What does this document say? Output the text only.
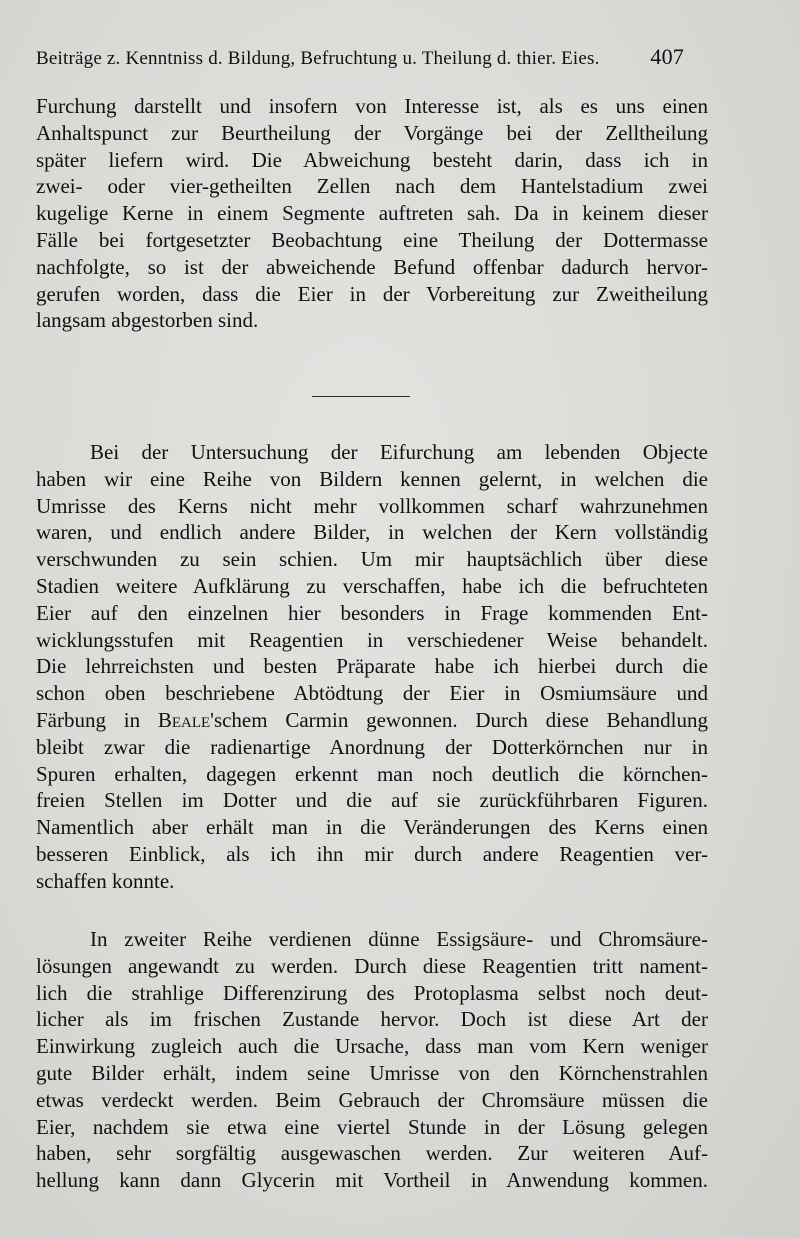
Beiträge z. Kenntniss d. Bildung, Befruchtung u. Theilung d. thier. Eies. 407
Furchung darstellt und insofern von Interesse ist, als es uns einen
Anhaltspunct zur Beurtheilung der Vorgänge bei der Zelltheilung
später liefern wird. Die Abweichung besteht darin, dass ich in
zwei- oder vier-getheilten Zellen nach dem Hantelstadium zwei
kugelige Kerne in einem Segmente auftreten sah. Da in keinem dieser
Fälle bei fortgesetzter Beobachtung eine Theilung der Dottermasse
nachfolgte, so ist der abweichende Befund offenbar dadurch hervor-
gerufen worden, dass die Eier in der Vorbereitung zur Zweitheilung
langsam abgestorben sind.
Bei der Untersuchung der Eifurchung am lebenden Objecte
haben wir eine Reihe von Bildern kennen gelernt, in welchen die
Umrisse des Kerns nicht mehr vollkommen scharf wahrzunehmen
waren, und endlich andere Bilder, in welchen der Kern vollständig
verschwunden zu sein schien. Um mir hauptsächlich über diese
Stadien weitere Aufklärung zu verschaffen, habe ich die befruchteten
Eier auf den einzelnen hier besonders in Frage kommenden Ent-
wicklungsstufen mit Reagentien in verschiedener Weise behandelt.
Die lehrreichsten und besten Präparate habe ich hierbei durch die
schon oben beschriebene Abtödtung der Eier in Osmiumsäure und
Färbung in Beale'schem Carmin gewonnen. Durch diese Behandlung
bleibt zwar die radienartige Anordnung der Dotterkörnchen nur in
Spuren erhalten, dagegen erkennt man noch deutlich die körnchen-
freien Stellen im Dotter und die auf sie zurückführbaren Figuren.
Namentlich aber erhält man in die Veränderungen des Kerns einen
besseren Einblick, als ich ihn mir durch andere Reagentien ver-
schaffen konnte.
In zweiter Reihe verdienen dünne Essigsäure- und Chromsäure-
lösungen angewandt zu werden. Durch diese Reagentien tritt nament-
lich die strahlige Differenzirung des Protoplasma selbst noch deut-
licher als im frischen Zustande hervor. Doch ist diese Art der
Einwirkung zugleich auch die Ursache, dass man vom Kern weniger
gute Bilder erhält, indem seine Umrisse von den Körnchenstrahlen
etwas verdeckt werden. Beim Gebrauch der Chromsäure müssen die
Eier, nachdem sie etwa eine viertel Stunde in der Lösung gelegen
haben, sehr sorgfältig ausgewaschen werden. Zur weiteren Auf-
hellung kann dann Glycerin mit Vortheil in Anwendung kommen.
